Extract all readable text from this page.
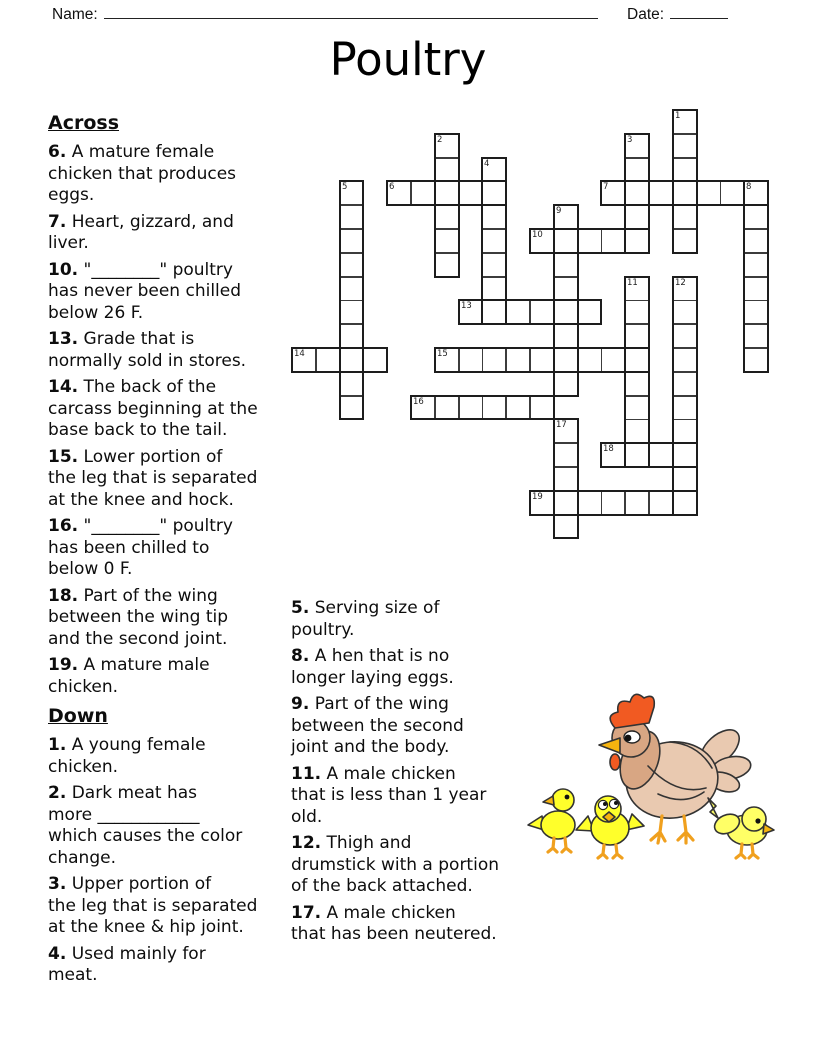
Name:	Date:
Poultry
6	7	8
10
13
14	15
16
18
19
1
2	3
4
5
9
11	12
17
Across
6. A mature female
chicken that produces
eggs.
7. Heart, gizzard, and
liver.
10. "________" poultry
has never been chilled
below 26 F.
13. Grade that is
normally sold in stores.
14. The back of the
carcass beginning at the
base back to the tail.
15. Lower portion of
the leg that is separated
at the knee and hock.
16. "________" poultry
has been chilled to
below 0 F.
18. Part of the wing
between the wing tip
and the second joint.
19. A mature male
chicken.
Down
1. A young female
chicken.
2. Dark meat has
more ____________
which causes the color
change.
3. Upper portion of
the leg that is separated
at the knee & hip joint.
4. Used mainly for
meat.
5. Serving size of
poultry.
8. A hen that is no
longer laying eggs.
9. Part of the wing
between the second
joint and the body.
11. A male chicken
that is less than 1 year
old.
12. Thigh and
drumstick with a portion
of the back attached.
17. A male chicken
that has been neutered.
